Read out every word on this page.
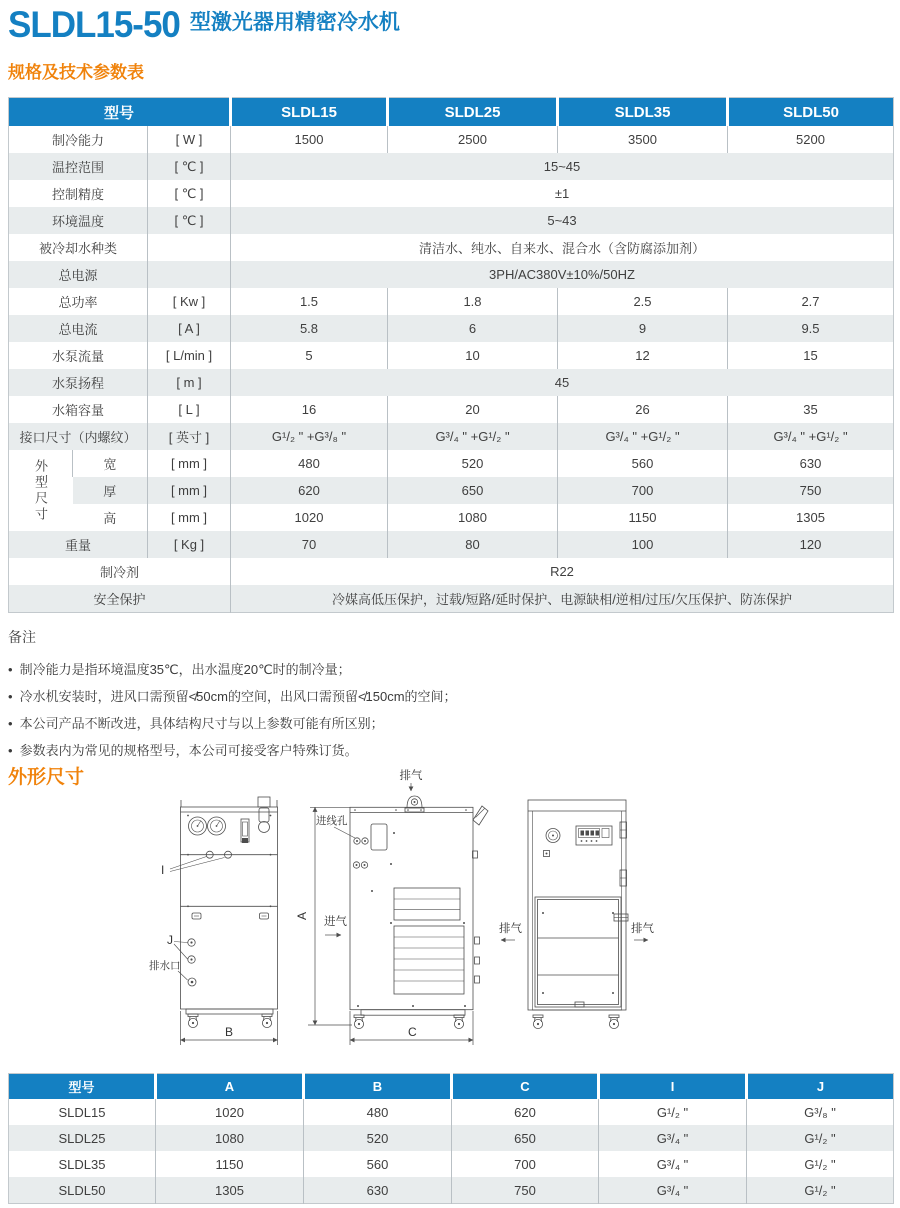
SLDL15-50 型激光器用精密冷水机
规格及技术参数表
型号			SLDL15	SLDL25	SLDL35	SLDL50
制冷能力		[ W ]	1500	2500	3500	5200
温控范围		[ ℃ ]	15~45			
控制精度		[ ℃ ]	±1			
环境温度		[ ℃ ]	5~43			
被冷却水种类			清洁水、纯水、自来水、混合水（含防腐添加剂）			
总电源			3PH/AC380V±10%/50HZ			
总功率		[ Kw ]	1.5	1.8	2.5	2.7
总电流		[ A ]	5.8	6	9	9.5
水泵流量		[ L/min ]	5	10	12	15
水泵扬程		[ m ]	45			
水箱容量		[ L ]	16	20	26	35
接口尺寸（内螺纹）		[ 英寸 ]	G¹/₂ " +G³/₈ "	G³/₄ " +G¹/₂ "	G³/₄ " +G¹/₂ "	G³/₄ " +G¹/₂ "
外型尺寸	宽	[ mm ]	480	520	560	630
	厚	[ mm ]	620	650	700	750
	高	[ mm ]	1020	1080	1150	1305
重量		[ Kg ]	70	80	100	120
制冷剂			R22			
安全保护			冷媒高低压保护，过载/短路/延时保护、电源缺相/逆相/过压/欠压保护、防冻保护			

备注

• 制冷能力是指环境温度35℃，出水温度20℃时的制冷量；
• 冷水机安装时，进风口需预留≮50cm的空间，出风口需预留≮150cm的空间；
• 本公司产品不断改进，具体结构尺寸与以上参数可能有所区别；
• 参数表内为常见的规格型号，本公司可接受客户特殊订货。
外形尺寸
I
J
排水口
B
排气
进线孔
A 进气
C
排气	排气
型号	A	B	C	I	J
SLDL15	1020	480	620	G¹/₂ "	G³/₈ "
SLDL25	1080	520	650	G³/₄ "	G¹/₂ "
SLDL35	1150	560	700	G³/₄ "	G¹/₂ "
SLDL50	1305	630	750	G³/₄ "	G¹/₂ "
